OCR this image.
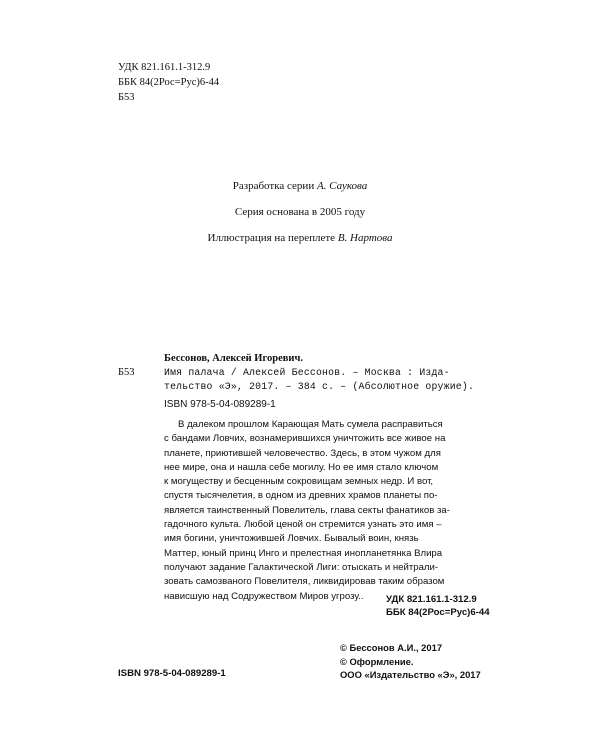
УДК 821.161.1-312.9
ББК 84(2Рос=Рус)6-44
Б53
Разработка серии А. Саукова
Серия основана в 2005 году
Иллюстрация на переплете В. Нартова
Бессонов, Алексей Игоревич.
Б53	Имя палача / Алексей Бессонов. – Москва : Изда-
тельство «Э», 2017. – 384 с. – (Абсолютное оружие).
ISBN 978-5-04-089289-1
В далеком прошлом Карающая Мать сумела расправиться
с бандами Ловчих, вознамерившихся уничтожить все живое на
планете, приютившей человечество. Здесь, в этом чужом для
нее мире, она и нашла себе могилу. Но ее имя стало ключом
к могуществу и бесценным сокровищам земных недр. И вот,
спустя тысячелетия, в одном из древних храмов планеты по-
является таинственный Повелитель, глава секты фанатиков за-
гадочного культа. Любой ценой он стремится узнать это имя –
имя богини, уничтожившей Ловчих. Бывалый воин, князь
Маттер, юный принц Инго и прелестная инопланетянка Влира
получают задание Галактической Лиги: отыскать и нейтрали-
зовать самозваного Повелителя, ликвидировав таким образом
нависшую над Содружеством Миров угрозу..	УДК 821.161.1-312.9
ББК 84(2Рос=Рус)6-44
© Бессонов А.И., 2017
© Оформление.
ООО «Издательство «Э», 2017
ISBN 978-5-04-089289-1
